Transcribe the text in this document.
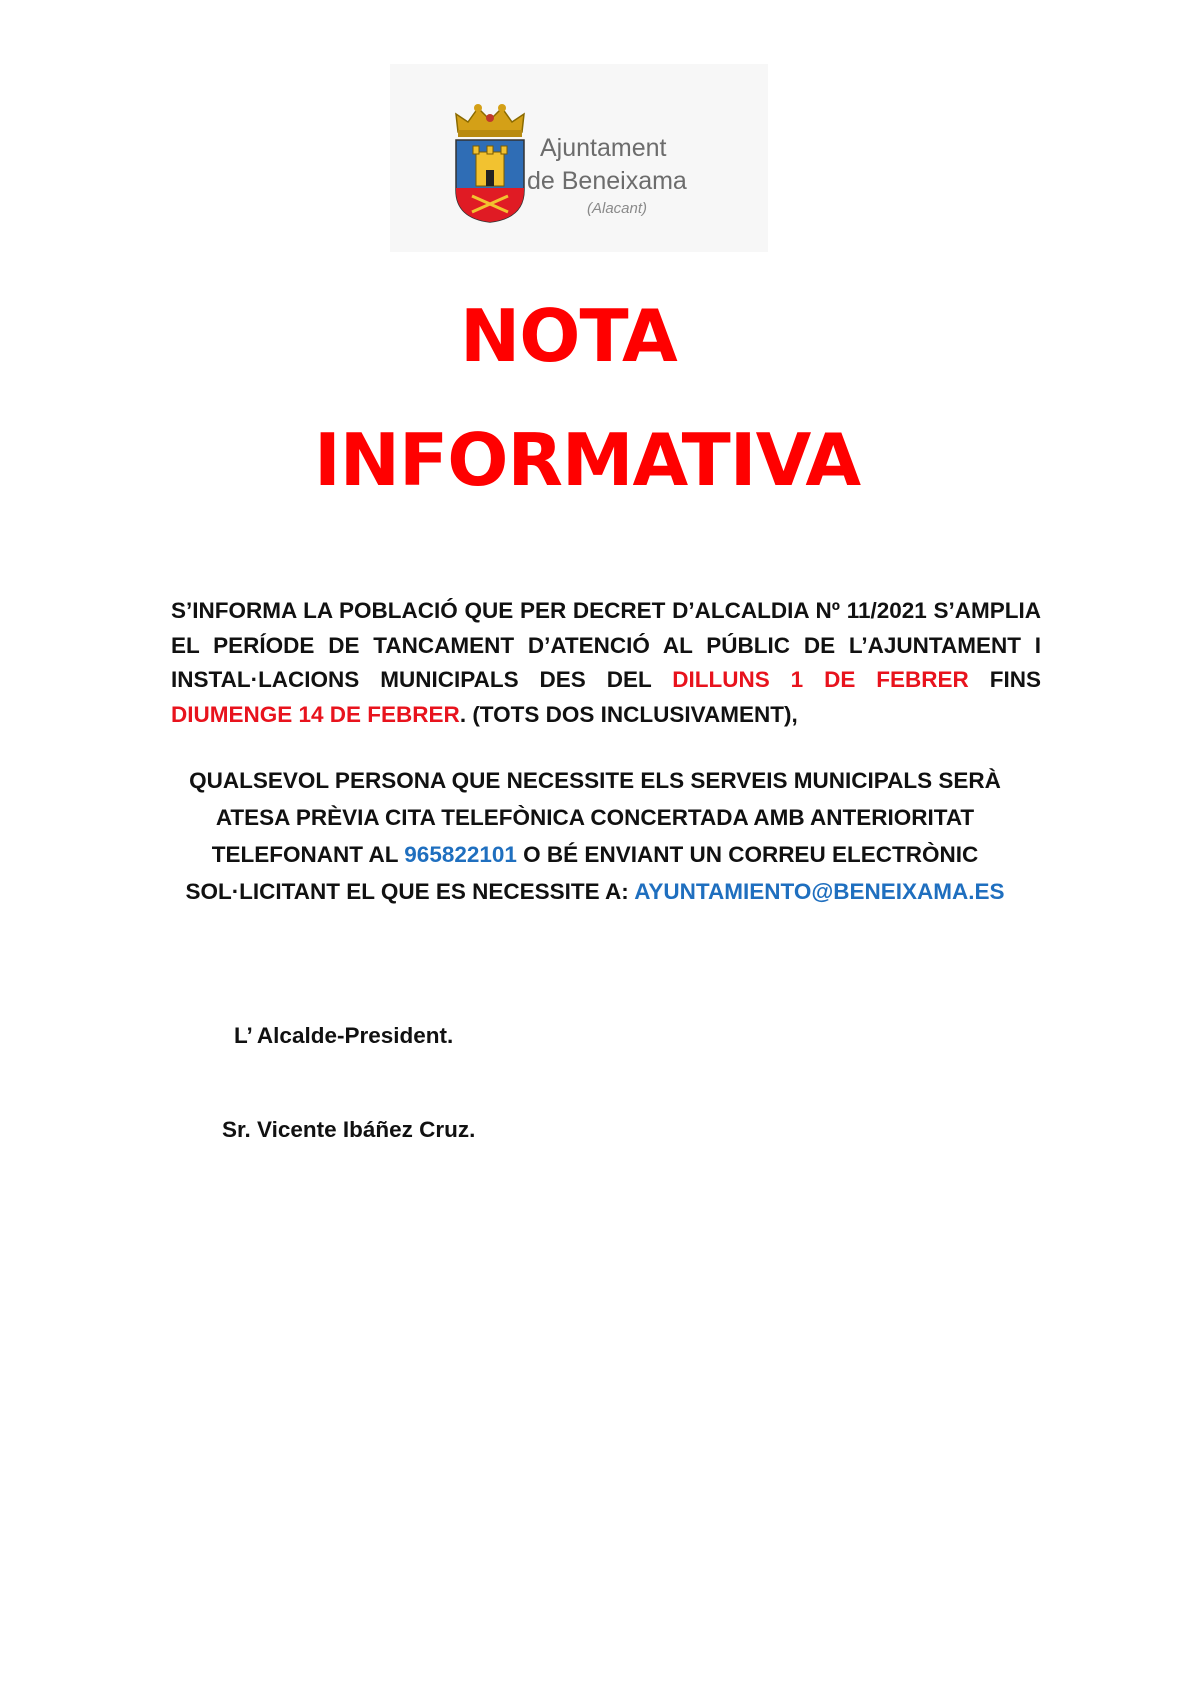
Ajuntament
de Beneixama
(Alacant)
NOTA
INFORMATIVA
S’INFORMA LA POBLACIÓ QUE PER DECRET D’ALCALDIA Nº 11/2021 S’AMPLIA EL PERÍODE DE TANCAMENT D’ATENCIÓ AL PÚBLIC DE L’AJUNTAMENT I INSTAL·LACIONS MUNICIPALS DES DEL DILLUNS 1 DE FEBRER FINS DIUMENGE 14 DE FEBRER. (TOTS DOS INCLUSIVAMENT),
QUALSEVOL PERSONA QUE NECESSITE ELS SERVEIS MUNICIPALS SERÀ ATESA PRÈVIA CITA TELEFÒNICA CONCERTADA AMB ANTERIORITAT TELEFONANT AL 965822101 O BÉ ENVIANT UN CORREU ELECTRÒNIC SOL·LICITANT EL QUE ES NECESSITE A: AYUNTAMIENTO@BENEIXAMA.ES
L’ Alcalde-President.
Sr. Vicente Ibáñez Cruz.
